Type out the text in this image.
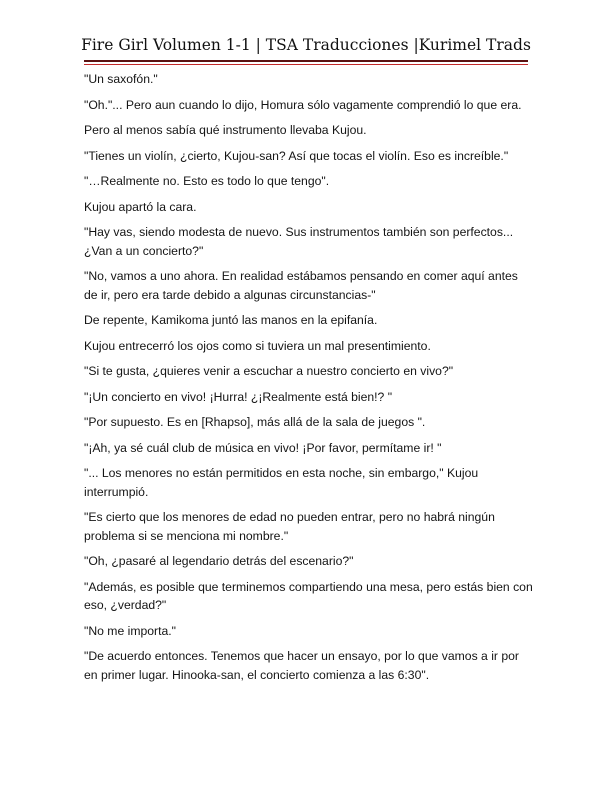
Fire Girl Volumen 1-1 | TSA Traducciones |Kurimel Trads

"Un saxofón."

"Oh."... Pero aun cuando lo dijo, Homura sólo vagamente comprendió lo que era.

Pero al menos sabía qué instrumento llevaba Kujou.

"Tienes un violín, ¿cierto, Kujou-san? Así que tocas el violín. Eso es increíble."

"…Realmente no. Esto es todo lo que tengo".

Kujou apartó la cara.

"Hay vas, siendo modesta de nuevo. Sus instrumentos también son perfectos... ¿Van a un concierto?"

"No, vamos a uno ahora. En realidad estábamos pensando en comer aquí antes de ir, pero era tarde debido a algunas circunstancias-"

De repente, Kamikoma juntó las manos en la epifanía.

Kujou entrecerró los ojos como si tuviera un mal presentimiento.

"Si te gusta, ¿quieres venir a escuchar a nuestro concierto en vivo?"

"¡Un concierto en vivo! ¡Hurra! ¿¡Realmente está bien!? "

"Por supuesto. Es en [Rhapso], más allá de la sala de juegos ".

"¡Ah, ya sé cuál club de música en vivo! ¡Por favor, permítame ir! "

"... Los menores no están permitidos en esta noche, sin embargo," Kujou interrumpió.

"Es cierto que los menores de edad no pueden entrar, pero no habrá ningún problema si se menciona mi nombre."

"Oh, ¿pasaré al legendario detrás del escenario?"

"Además, es posible que terminemos compartiendo una mesa, pero estás bien con eso, ¿verdad?"

"No me importa."

"De acuerdo entonces. Tenemos que hacer un ensayo, por lo que vamos a ir por en primer lugar. Hinooka-san, el concierto comienza a las 6:30".
